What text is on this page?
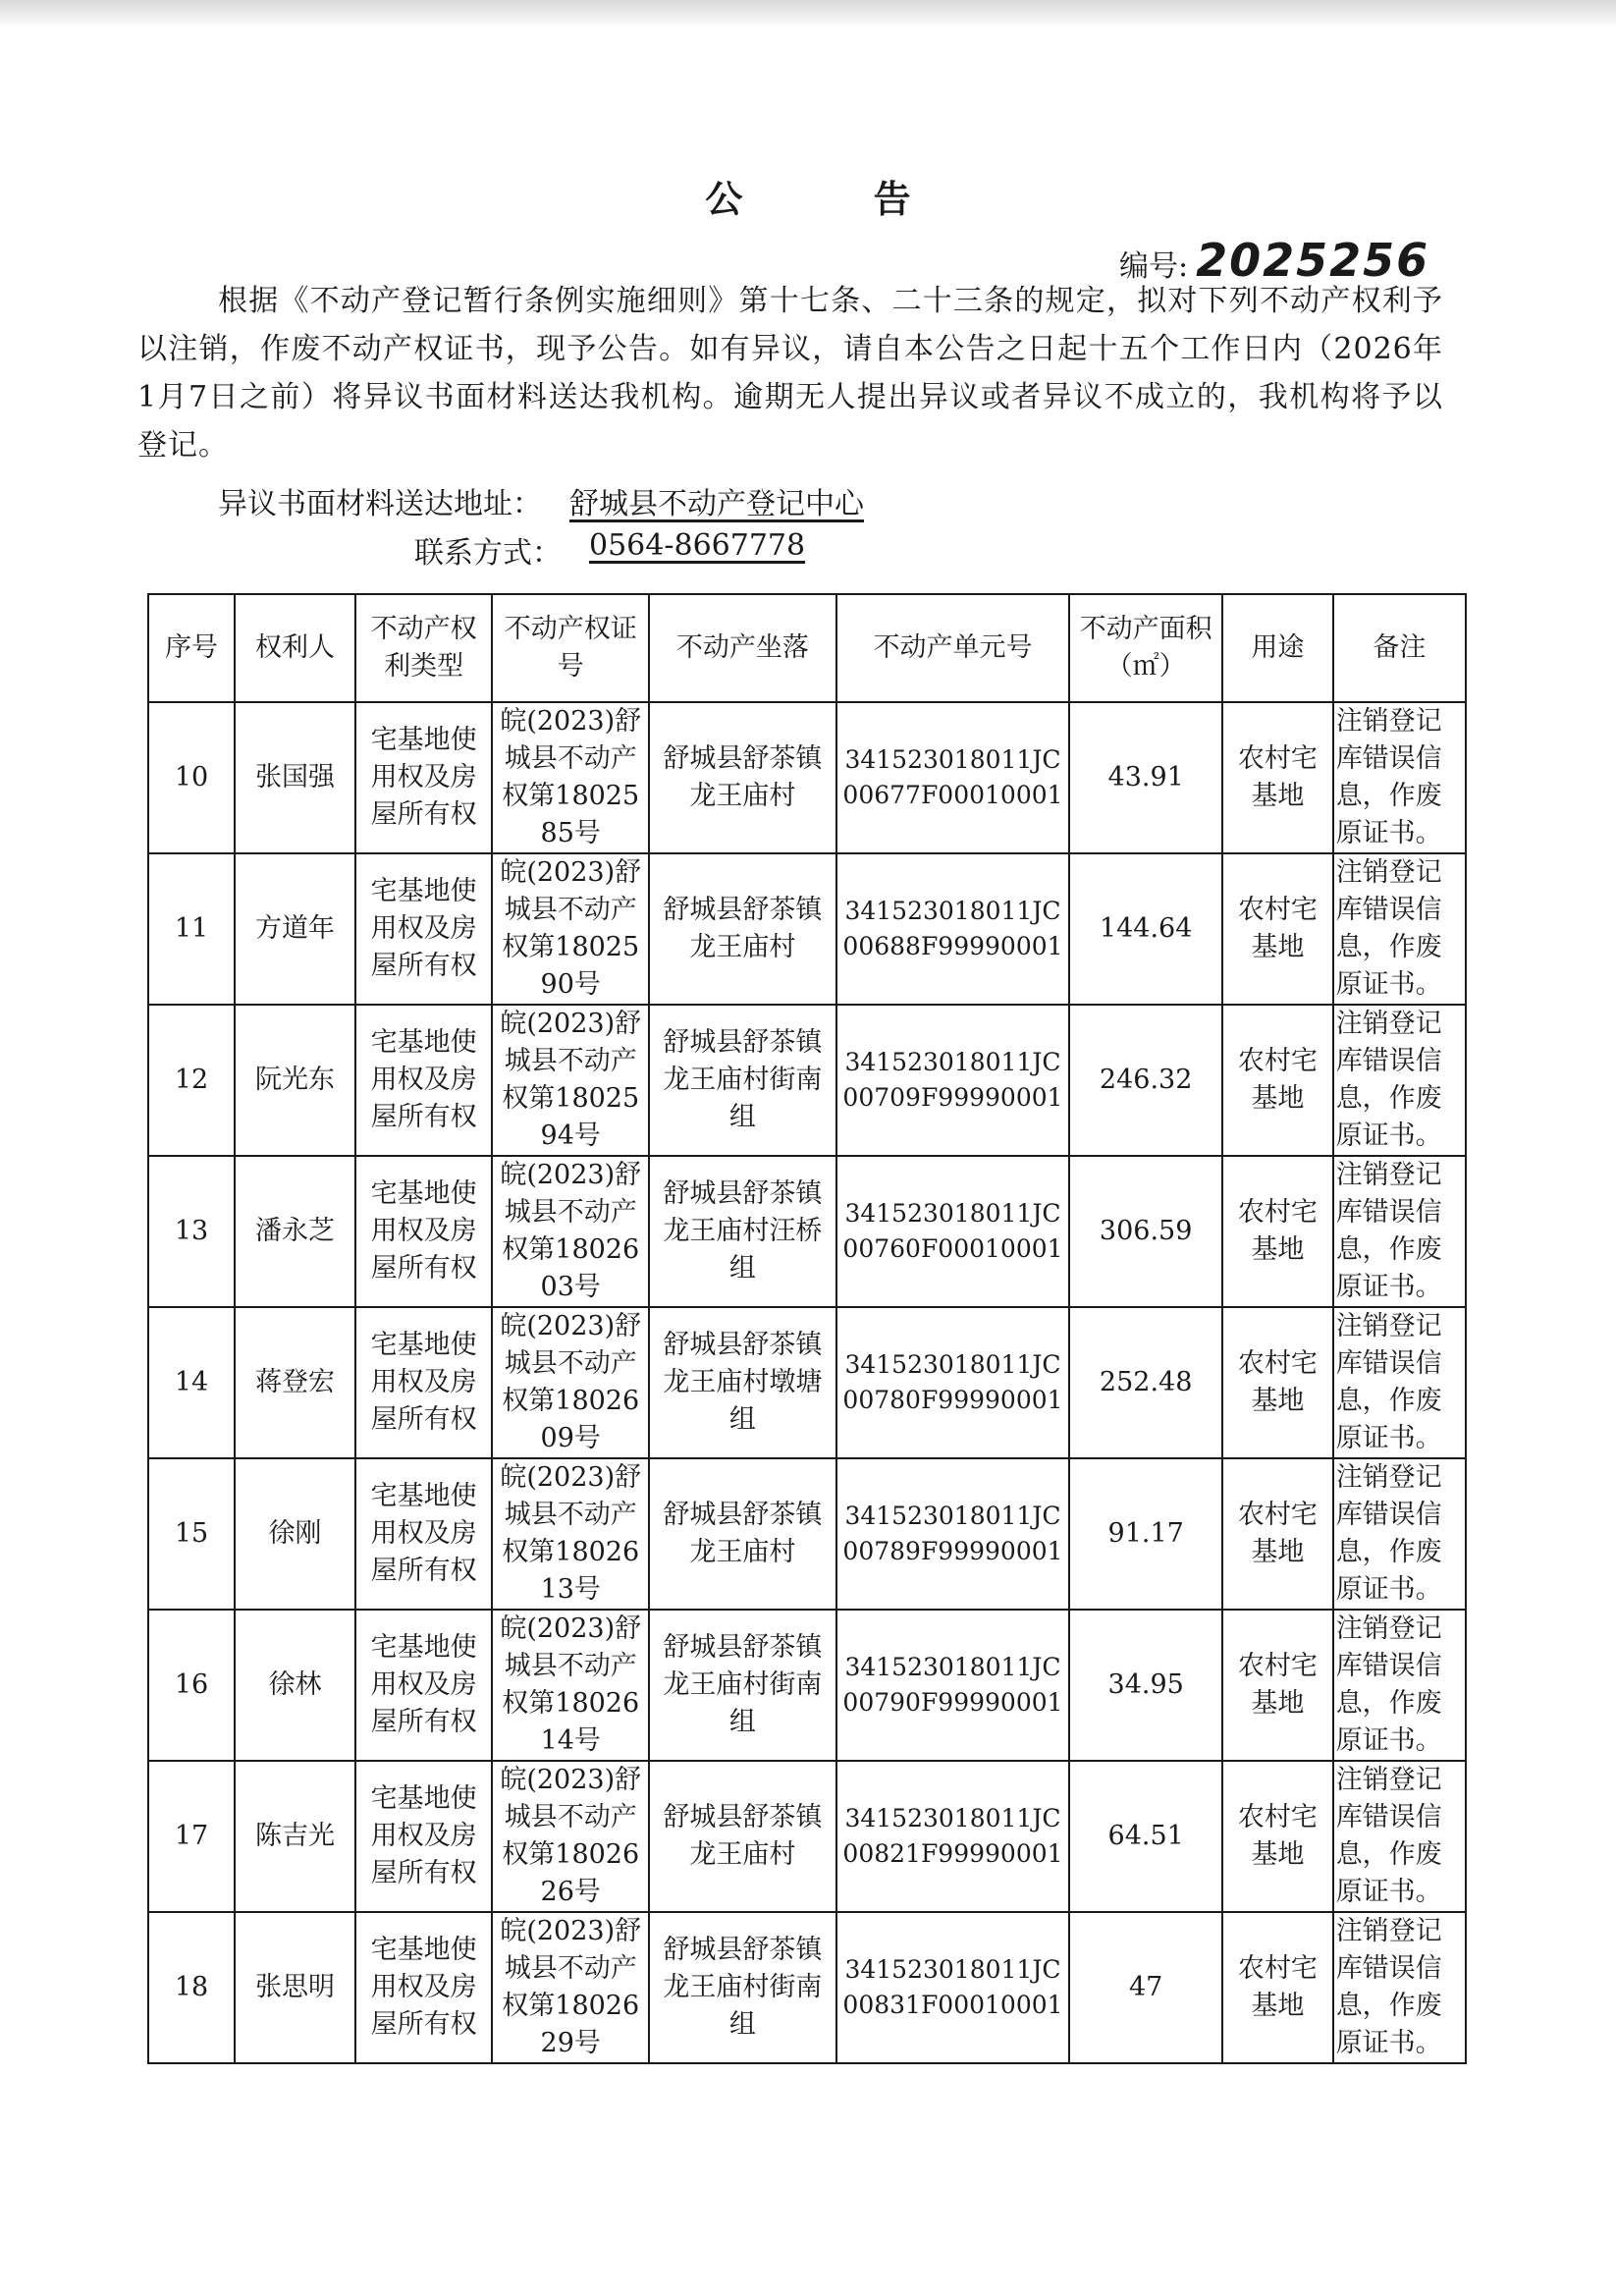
公 告
编号: 2025256
根据《不动产登记暂行条例实施细则》第十七条、二十三条的规定，拟对下列不动产权利予以注销，作废不动产权证书，现予公告。如有异议，请自本公告之日起十五个工作日内（2026年1月7日之前）将异议书面材料送达我机构。逾期无人提出异议或者异议不成立的，我机构将予以登记。
异议书面材料送达地址： 舒城县不动产登记中心
联系方式： 0564-8667778
序号	权利人	不动产权利类型	不动产权证号	不动产坐落	不动产单元号	不动产面积（㎡）	用途	备注
10	张国强	宅基地使用权及房屋所有权	皖(2023)舒城县不动产权第1802585号	舒城县舒茶镇龙王庙村	341523018011JC00677F00010001	43.91	农村宅基地	注销登记库错误信息，作废原证书。
11	方道年	宅基地使用权及房屋所有权	皖(2023)舒城县不动产权第1802590号	舒城县舒茶镇龙王庙村	341523018011JC00688F99990001	144.64	农村宅基地	注销登记库错误信息，作废原证书。
12	阮光东	宅基地使用权及房屋所有权	皖(2023)舒城县不动产权第1802594号	舒城县舒茶镇龙王庙村街南组	341523018011JC00709F99990001	246.32	农村宅基地	注销登记库错误信息，作废原证书。
13	潘永芝	宅基地使用权及房屋所有权	皖(2023)舒城县不动产权第1802603号	舒城县舒茶镇龙王庙村汪桥组	341523018011JC00760F00010001	306.59	农村宅基地	注销登记库错误信息，作废原证书。
14	蒋登宏	宅基地使用权及房屋所有权	皖(2023)舒城县不动产权第1802609号	舒城县舒茶镇龙王庙村墩塘组	341523018011JC00780F99990001	252.48	农村宅基地	注销登记库错误信息，作废原证书。
15	徐刚	宅基地使用权及房屋所有权	皖(2023)舒城县不动产权第1802613号	舒城县舒茶镇龙王庙村	341523018011JC00789F99990001	91.17	农村宅基地	注销登记库错误信息，作废原证书。
16	徐林	宅基地使用权及房屋所有权	皖(2023)舒城县不动产权第1802614号	舒城县舒茶镇龙王庙村街南组	341523018011JC00790F99990001	34.95	农村宅基地	注销登记库错误信息，作废原证书。
17	陈吉光	宅基地使用权及房屋所有权	皖(2023)舒城县不动产权第1802626号	舒城县舒茶镇龙王庙村	341523018011JC00821F99990001	64.51	农村宅基地	注销登记库错误信息，作废原证书。
18	张思明	宅基地使用权及房屋所有权	皖(2023)舒城县不动产权第1802629号	舒城县舒茶镇龙王庙村街南组	341523018011JC00831F00010001	47	农村宅基地	注销登记库错误信息，作废原证书。
